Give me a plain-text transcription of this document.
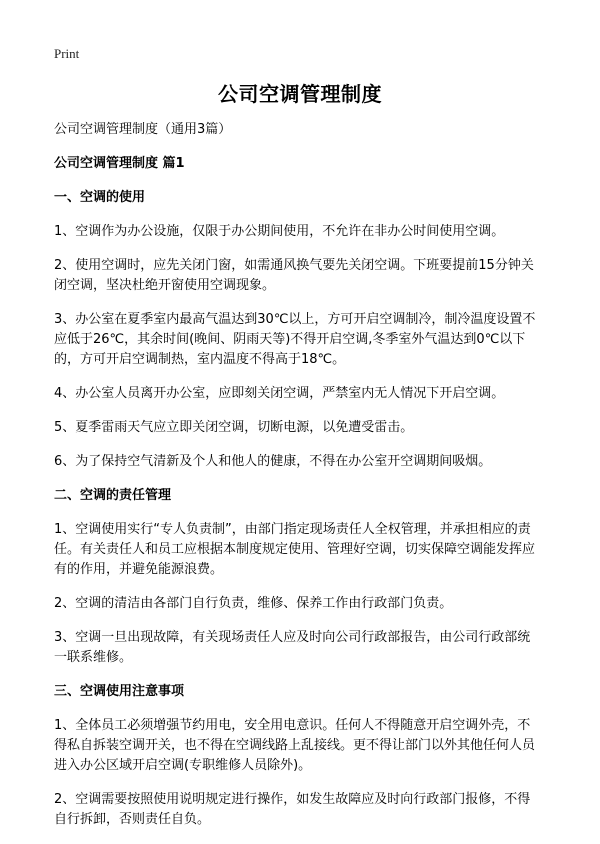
Print
公司空调管理制度

公司空调管理制度（通用3篇）

公司空调管理制度 篇1

一、空调的使用

1、空调作为办公设施，仅限于办公期间使用，不允许在非办公时间使用空调。

2、使用空调时，应先关闭门窗，如需通风换气要先关闭空调。下班要提前15分钟关闭空调，坚决杜绝开窗使用空调现象。

3、办公室在夏季室内最高气温达到30℃以上，方可开启空调制冷，制冷温度设置不应低于26℃，其余时间(晚间、阴雨天等)不得开启空调,冬季室外气温达到0℃以下的，方可开启空调制热，室内温度不得高于18℃。

4、办公室人员离开办公室，应即刻关闭空调，严禁室内无人情况下开启空调。

5、夏季雷雨天气应立即关闭空调，切断电源，以免遭受雷击。

6、为了保持空气清新及个人和他人的健康，不得在办公室开空调期间吸烟。

二、空调的责任管理

1、空调使用实行“专人负责制”，由部门指定现场责任人全权管理，并承担相应的责任。有关责任人和员工应根据本制度规定使用、管理好空调，切实保障空调能发挥应有的作用，并避免能源浪费。

2、空调的清洁由各部门自行负责，维修、保养工作由行政部门负责。

3、空调一旦出现故障，有关现场责任人应及时向公司行政部报告，由公司行政部统一联系维修。

三、空调使用注意事项

1、全体员工必须增强节约用电，安全用电意识。任何人不得随意开启空调外壳，不得私自拆装空调开关，也不得在空调线路上乱接线。更不得让部门以外其他任何人员进入办公区域开启空调(专职维修人员除外)。

2、空调需要按照使用说明规定进行操作，如发生故障应及时向行政部门报修，不得自行拆卸，否则责任自负。
